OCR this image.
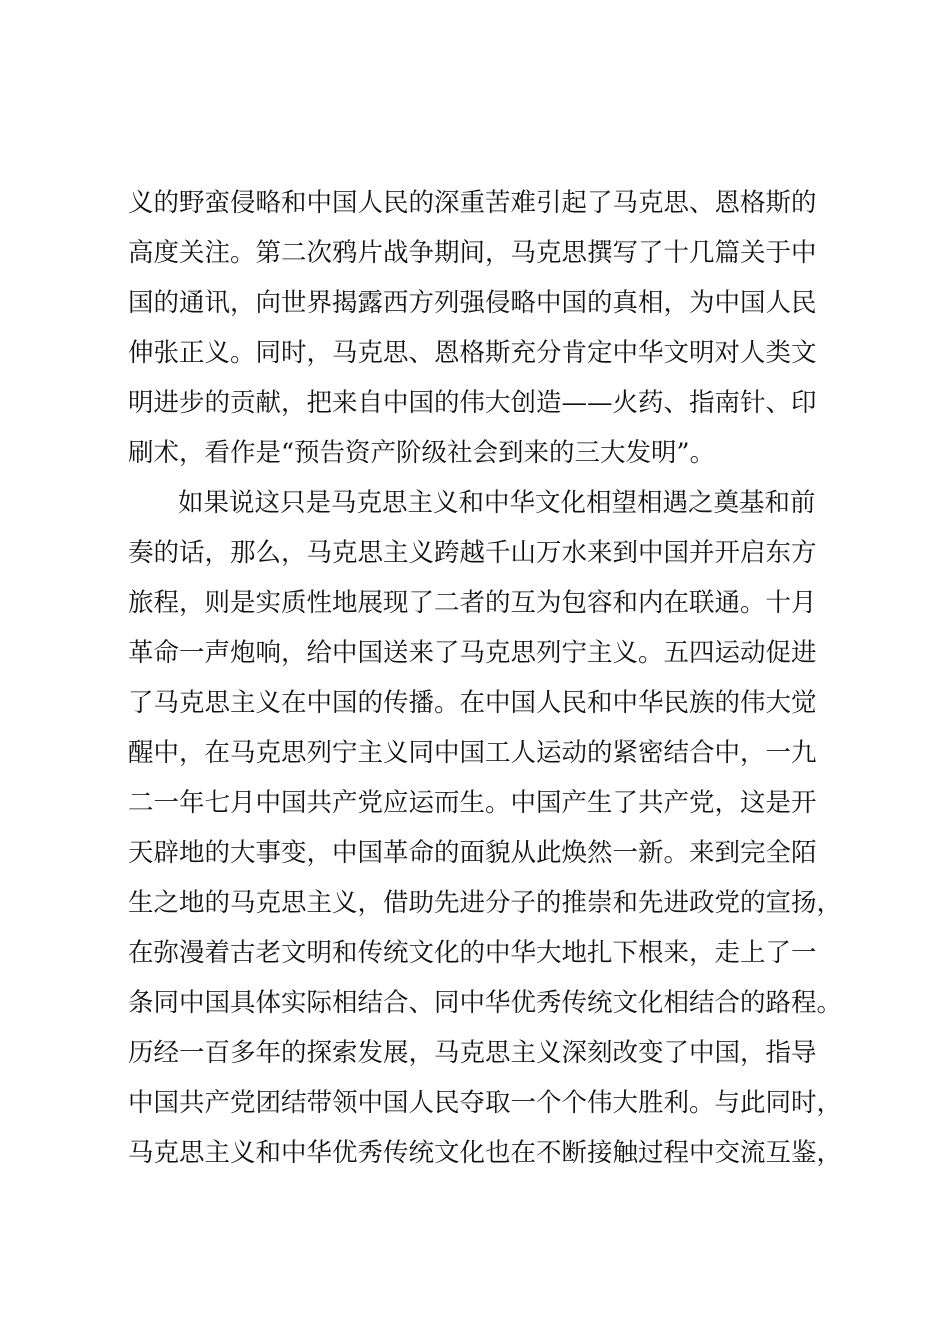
义的野蛮侵略和中国人民的深重苦难引起了马克思、恩格斯的
高度关注。第二次鸦片战争期间，马克思撰写了十几篇关于中
国的通讯，向世界揭露西方列强侵略中国的真相，为中国人民
伸张正义。同时，马克思、恩格斯充分肯定中华文明对人类文
明进步的贡献，把来自中国的伟大创造——火药、指南针、印
刷术，看作是“预告资产阶级社会到来的三大发明”。
如果说这只是马克思主义和中华文化相望相遇之奠基和前
奏的话，那么，马克思主义跨越千山万水来到中国并开启东方
旅程，则是实质性地展现了二者的互为包容和内在联通。十月
革命一声炮响，给中国送来了马克思列宁主义。五四运动促进
了马克思主义在中国的传播。在中国人民和中华民族的伟大觉
醒中，在马克思列宁主义同中国工人运动的紧密结合中，一九
二一年七月中国共产党应运而生。中国产生了共产党，这是开
天辟地的大事变，中国革命的面貌从此焕然一新。来到完全陌
生之地的马克思主义，借助先进分子的推崇和先进政党的宣扬，
在弥漫着古老文明和传统文化的中华大地扎下根来，走上了一
条同中国具体实际相结合、同中华优秀传统文化相结合的路程。
历经一百多年的探索发展，马克思主义深刻改变了中国，指导
中国共产党团结带领中国人民夺取一个个伟大胜利。与此同时，
马克思主义和中华优秀传统文化也在不断接触过程中交流互鉴，
